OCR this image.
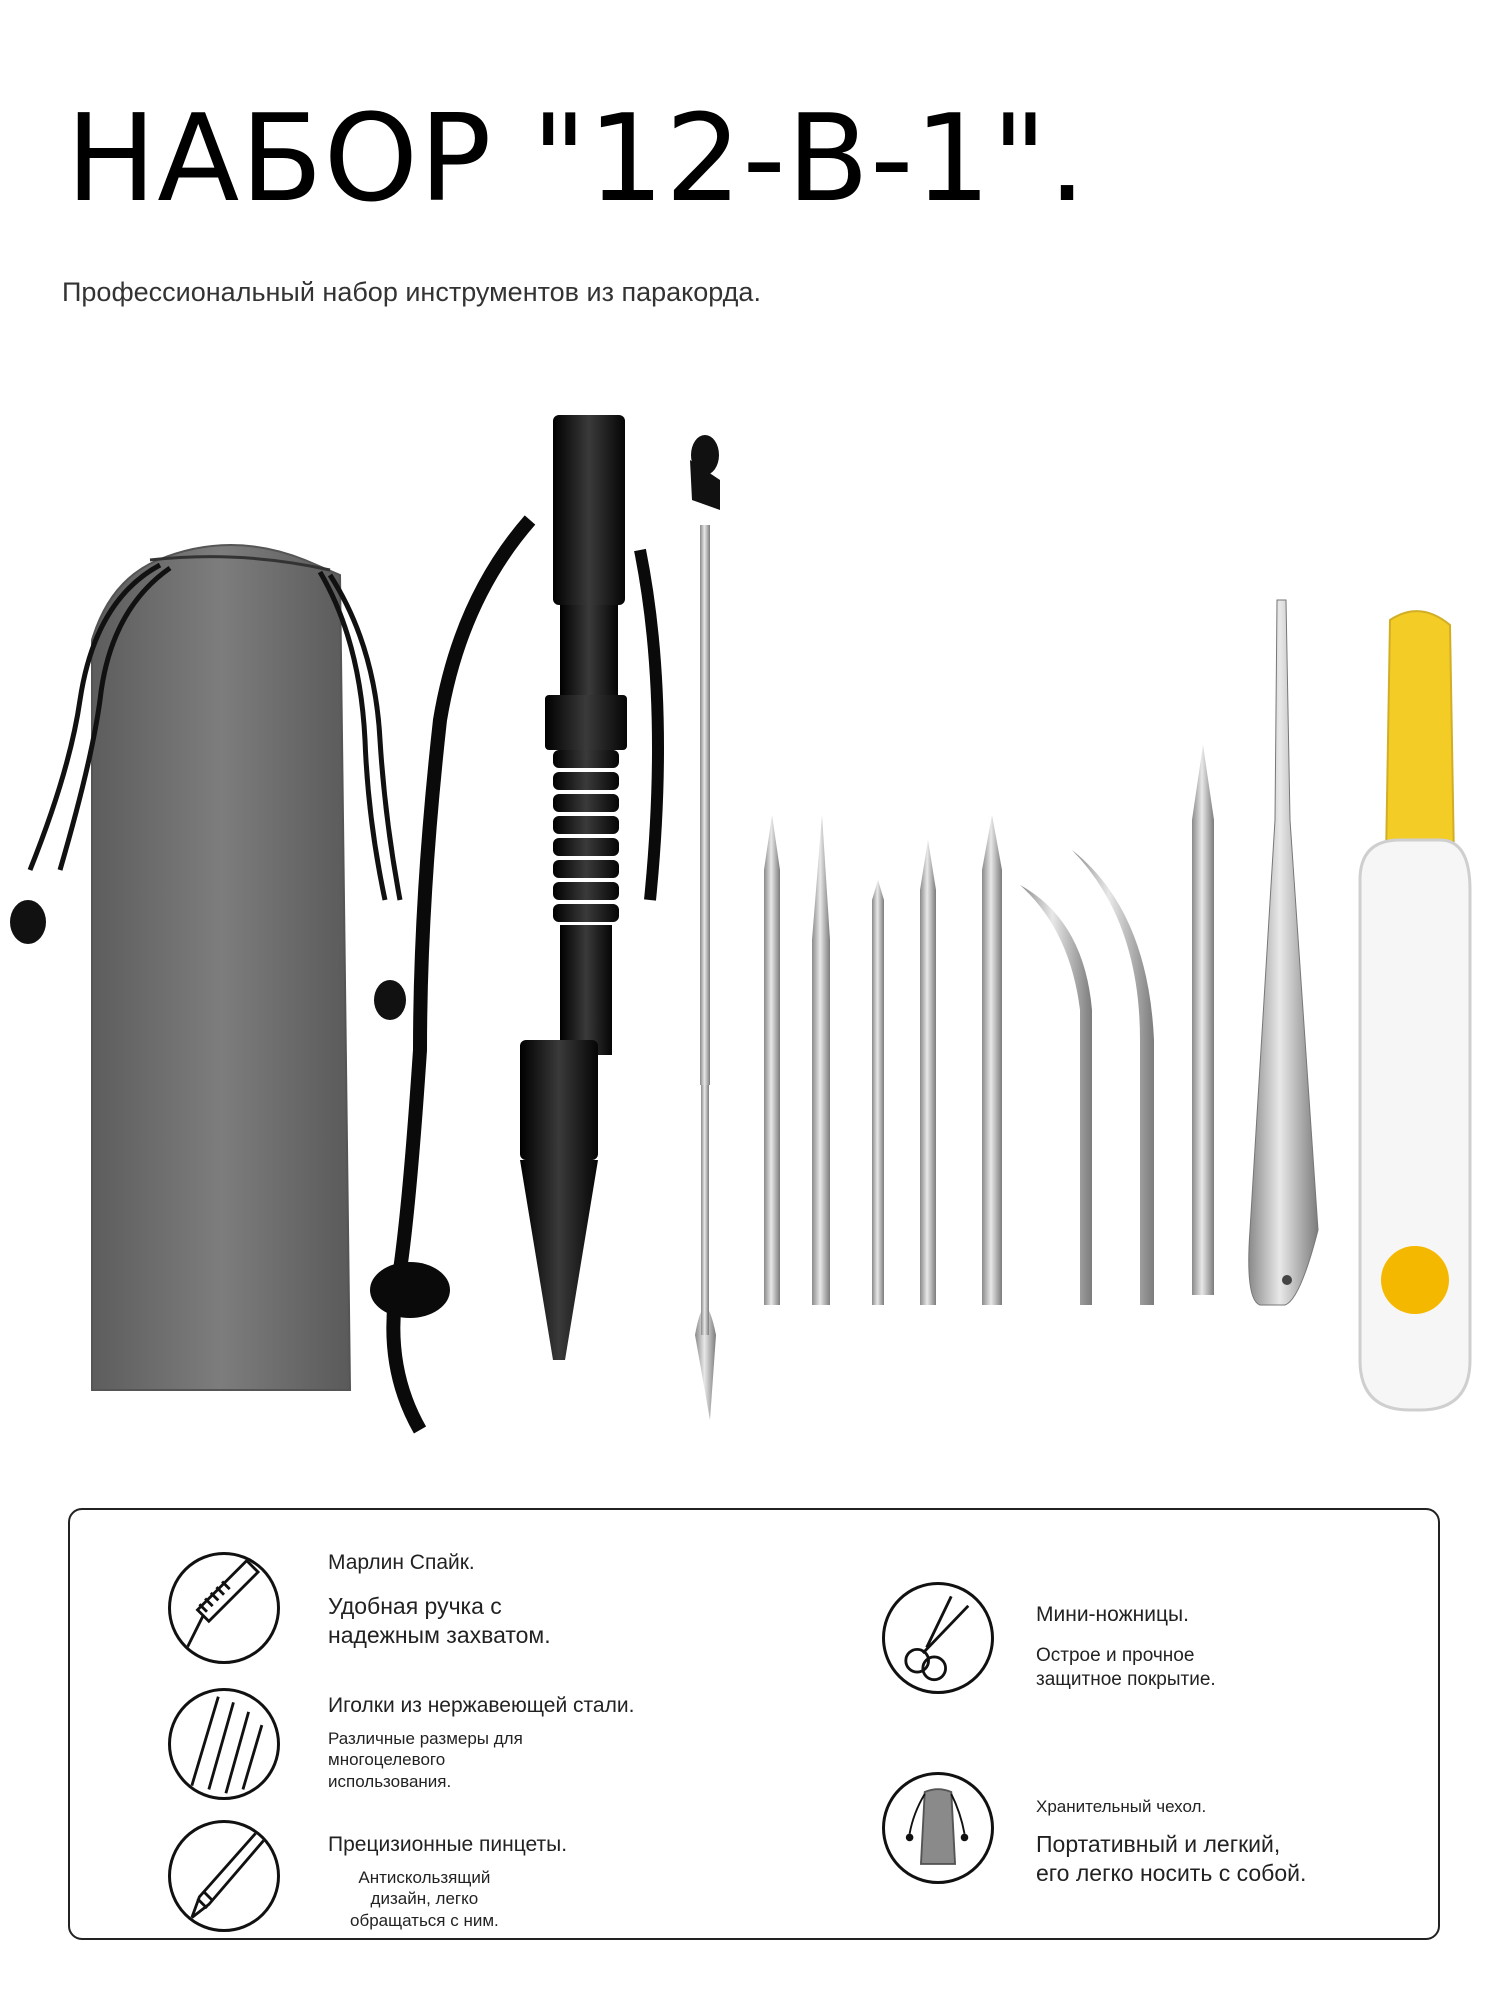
НАБОР "12-В-1".
Профессиональный набор инструментов из паракорда.
Марлин Спайк.
Удобная ручка с
надежным захватом.
Иголки из нержавеющей стали.
Различные размеры для
многоцелевого
использования.
Прецизионные пинцеты.
Антискользящий
дизайн, легко
обращаться с ним.
Мини-ножницы.
Острое и прочное
защитное покрытие.
Хранительный чехол.
Портативный и легкий,
его легко носить с собой.
